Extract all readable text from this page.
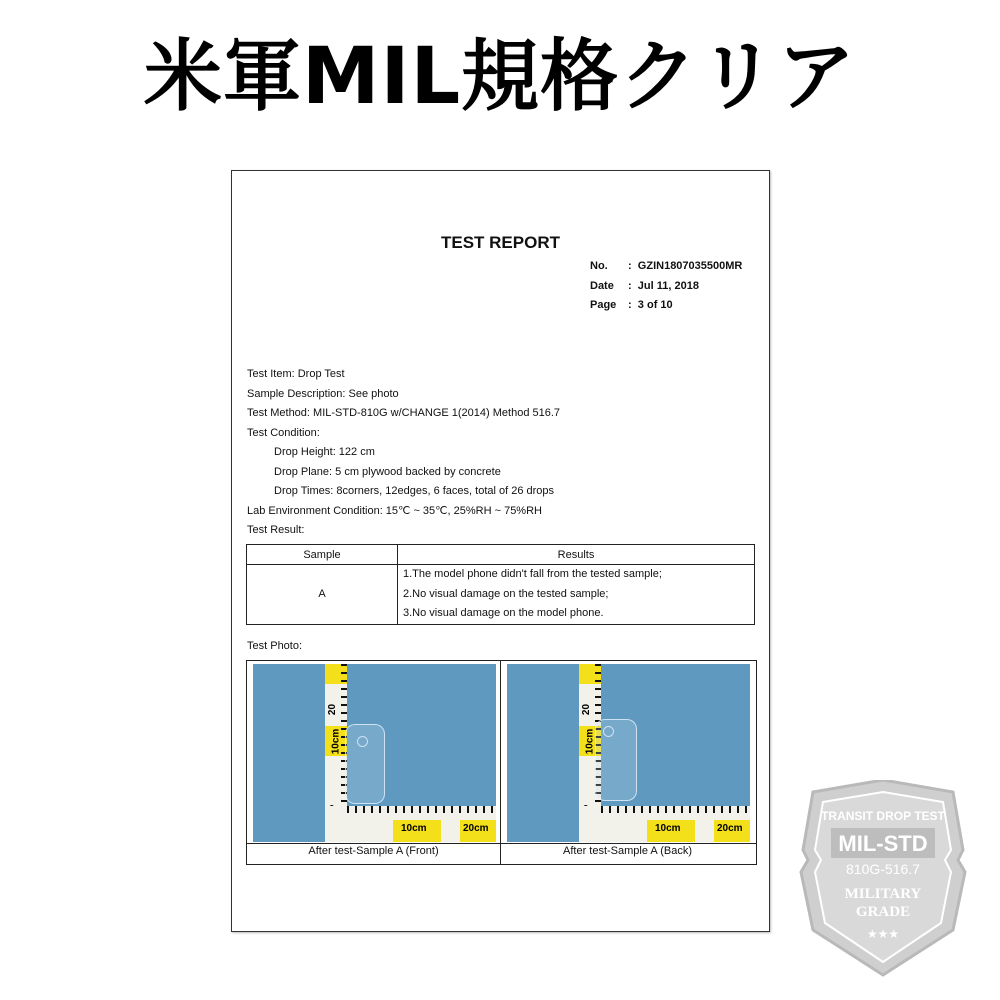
米軍MIL規格クリア
TEST REPORT
No. : GZIN1807035500MR
Date : Jul 11, 2018
Page : 3 of 10
Test Item: Drop Test
Sample Description: See photo
Test Method: MIL-STD-810G w/CHANGE 1(2014) Method 516.7
Test Condition:
Drop Height: 122 cm
Drop Plane: 5 cm plywood backed by concrete
Drop Times: 8corners, 12edges, 6 faces, total of 26 drops
Lab Environment Condition: 15℃ ~ 35℃, 25%RH ~ 75%RH
Test Result:
Sample	Results
A	1.The model phone didn't fall from the tested sample;
2.No visual damage on the tested sample;
3.No visual damage on the model phone.
Test Photo:
20
10cm
10cm	20cm
20
10cm
10cm	20cm
After test-Sample A (Front)	After test-Sample A (Back)
TRANSIT DROP TEST
MIL-STD
810G-516.7
MILITARY
GRADE
★★★
